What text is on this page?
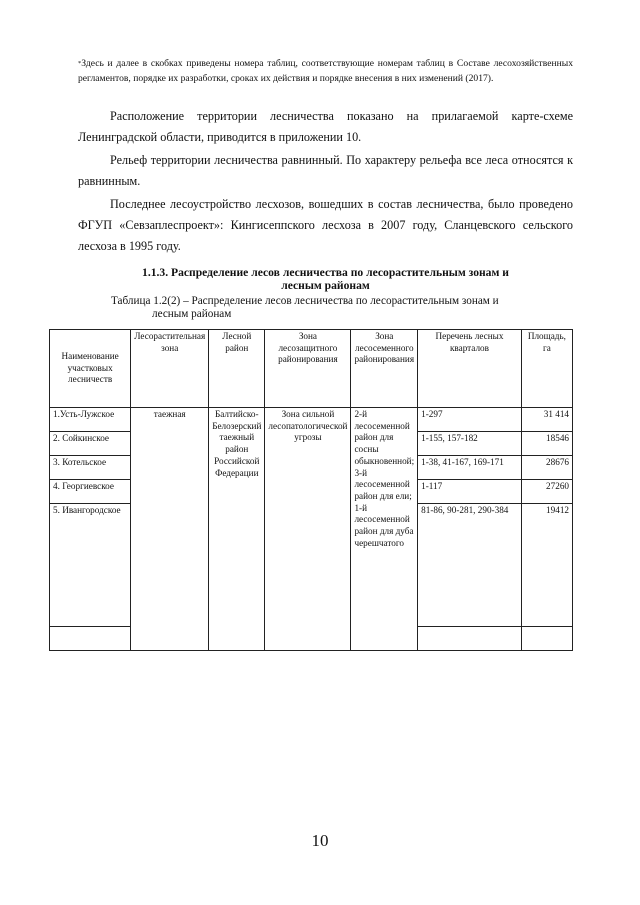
*Здесь и далее в скобках приведены номера таблиц, соответствующие номерам таблиц в Составе лесохозяйственных регламентов, порядке их разработки, сроках их действия и порядке внесения в них изменений (2017).

Расположение территории лесничества показано на прилагаемой карте-схеме Ленинградской области, приводится в приложении 10.

Рельеф территории лесничества равнинный. По характеру рельефа все леса относятся к равнинным.

Последнее лесоустройство лесхозов, вошедших в состав лесничества, было проведено ФГУП «Севзаплеспроект»: Кингисеппского лесхоза в 2007 году, Сланцевского сельского лесхоза в 1995 году.

1.1.3. Распределение лесов лесничества по лесорастительным зонам и
лесным районам
Таблица 1.2(2) – Распределение лесов лесничества по лесорастительным зонам и
лесным районам
Наименование участковых лесничеств	Лесорастительная зона	Лесной район	Зона лесозащитного районирования	Зона лесосеменного районирования	Перечень лесных кварталов	Площадь, га
1.Усть-Лужское	таежная	Балтийско-Белозерский таежный район Российской Федерации	Зона сильной лесопатологической угрозы	2-й лесосеменной район для сосны обыкновенной; 3-й лесосеменной район для ели; 1-й лесосеменной район для дуба черешчатого	1-297	31 414
2. Сойкинское					1-155, 157-182	18546
3. Котельское					1-38, 41-167, 169-171	28676
4. Георгиевское					1-117	27260
5. Ивангородское					81-86, 90-281, 290-384	19412

10
